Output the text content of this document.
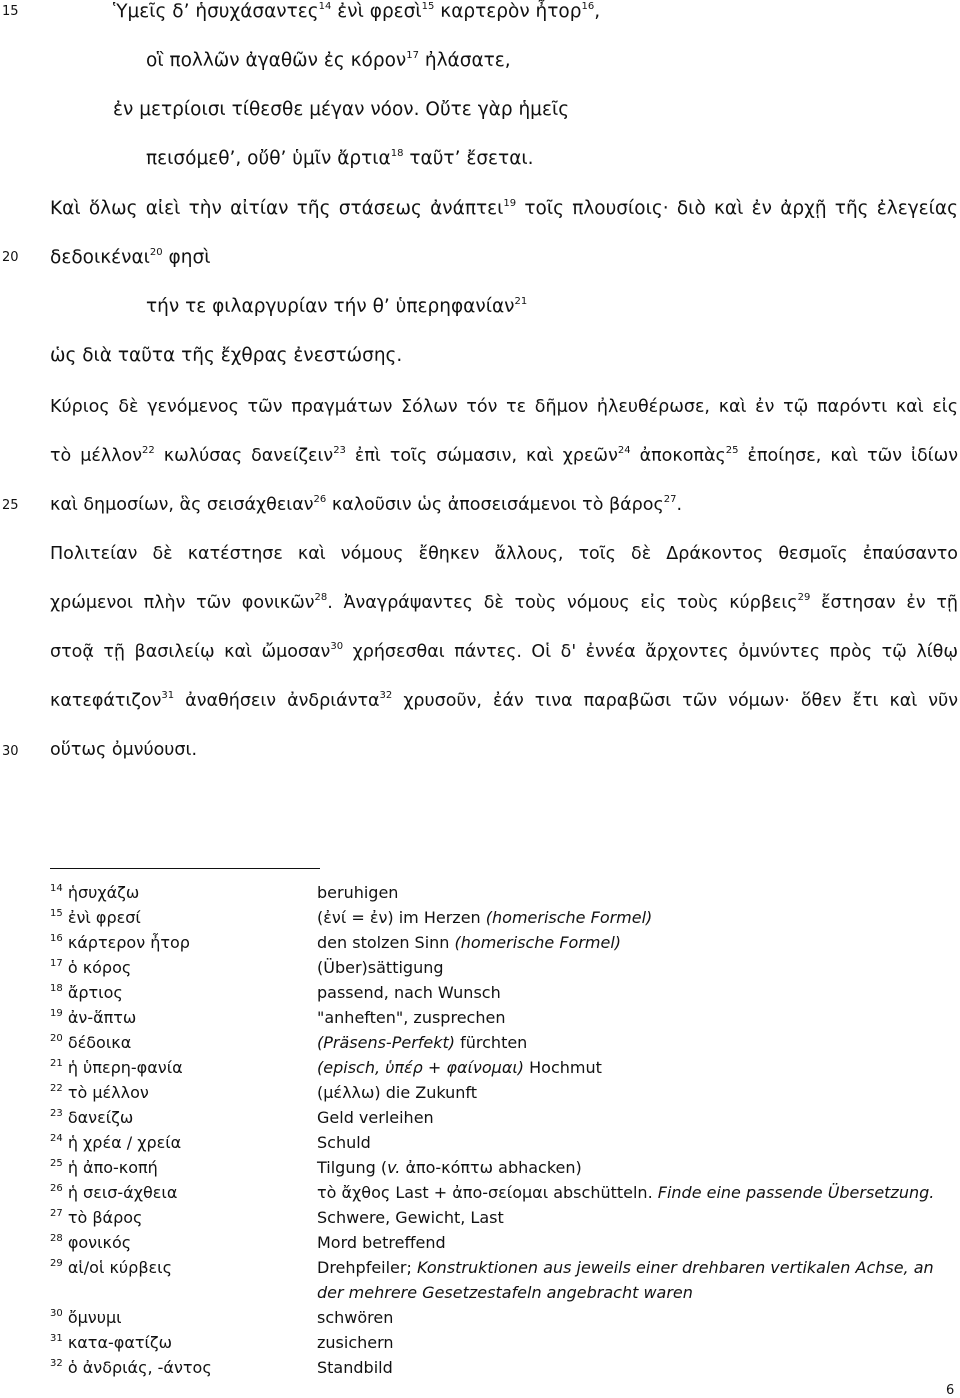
15
20
25
30
Ὑμεῖς δ’ ἡσυχάσαντες$^{14}$ ἐνὶ φρεσὶ$^{15}$ καρτερὸν ἦτορ$^{16}$,
οἳ πολλῶν ἀγαθῶν ἐς κόρον$^{17}$ ἠλάσατε,
ἐν μετρίοισι τίθεσθε μέγαν νόον. Οὔτε γὰρ ἡμεῖς
πεισόμεθ’, οὔθ’ ὑμῖν ἄρτια$^{18}$ ταῦτ’ ἔσεται.
Καὶ ὅλως αἰεὶ τὴν αἰτίαν τῆς στάσεως ἀνάπτει$^{19}$ τοῖς πλουσίοις· διὸ καὶ ἐν ἀρχῇ τῆς ἐλεγείας
δεδοικέναι$^{20}$ φησὶ
τήν τε φιλαργυρίαν τήν θ’ ὑπερηφανίαν$^{21}$
ὡς διὰ ταῦτα τῆς ἔχθρας ἐνεστώσης.
Κύριος δὲ γενόμενος τῶν πραγμάτων Σόλων τόν τε δῆμον ἠλευθέρωσε, καὶ ἐν τῷ παρόντι καὶ εἰς
τὸ μέλλον$^{22}$ κωλύσας δανείζειν$^{23}$ ἐπὶ τοῖς σώμασιν, καὶ χρεῶν$^{24}$ ἀποκοπὰς$^{25}$ ἐποίησε, καὶ τῶν ἰδίων
καὶ δημοσίων, ἃς σεισάχθειαν$^{26}$ καλοῦσιν ὡς ἀποσεισάμενοι τὸ βάρος$^{27}$.
Πολιτείαν δὲ κατέστησε καὶ νόμους ἔθηκεν ἄλλους, τοῖς δὲ Δράκοντος θεσμοῖς ἐπαύσαντο
χρώμενοι πλὴν τῶν φονικῶν$^{28}$. Ἀναγράψαντες δὲ τοὺς νόμους εἰς τοὺς κύρβεις$^{29}$ ἔστησαν ἐν τῇ
στοᾷ τῇ βασιλείῳ καὶ ὤμοσαν$^{30}$ χρήσεσθαι πάντες. Οἱ δ' ἐννέα ἄρχοντες ὀμνύντες πρὸς τῷ λίθῳ
κατεφάτιζον$^{31}$ ἀναθήσειν ἀνδριάντα$^{32}$ χρυσοῦν, ἐάν τινα παραβῶσι τῶν νόμων· ὅθεν ἔτι καὶ νῦν
οὕτως ὀμνύουσι.
$^{14}$ ἡσυχάζω	beruhigen
$^{15}$ ἐνὶ φρεσί	(ἐνί = ἐν) im Herzen (homerische Formel)
$^{16}$ κάρτερον ἦτορ	den stolzen Sinn (homerische Formel)
$^{17}$ ὁ κόρος	(Über)sättigung
$^{18}$ ἄρτιος	passend, nach Wunsch
$^{19}$ ἀν-ἅπτω	"anheften", zusprechen
$^{20}$ δέδοικα	(Präsens-Perfekt) fürchten
$^{21}$ ἡ ὑπερη-φανία	(episch, ὑπέρ + φαίνομαι) Hochmut
$^{22}$ τὸ μέλλον	(μέλλω) die Zukunft
$^{23}$ δανείζω	Geld verleihen
$^{24}$ ἡ χρέα / χρεία	Schuld
$^{25}$ ἡ ἀπο-κοπή	Tilgung (v. ἀπο-κόπτω abhacken)
$^{26}$ ἡ σεισ-άχθεια	τὸ ἄχθος Last + ἀπο-σείομαι abschütteln. Finde eine passende Übersetzung.
$^{27}$ τὸ βάρος	Schwere, Gewicht, Last
$^{28}$ φονικός	Mord betreffend
$^{29}$ αἱ/οἱ κύρβεις	Drehpfeiler; Konstruktionen aus jeweils einer drehbaren vertikalen Achse, an
der mehrere Gesetzestafeln angebracht waren
$^{30}$ ὄμνυμι	schwören
$^{31}$ κατα-φατίζω	zusichern
$^{32}$ ὁ ἀνδριάς, -άντος	Standbild
6
